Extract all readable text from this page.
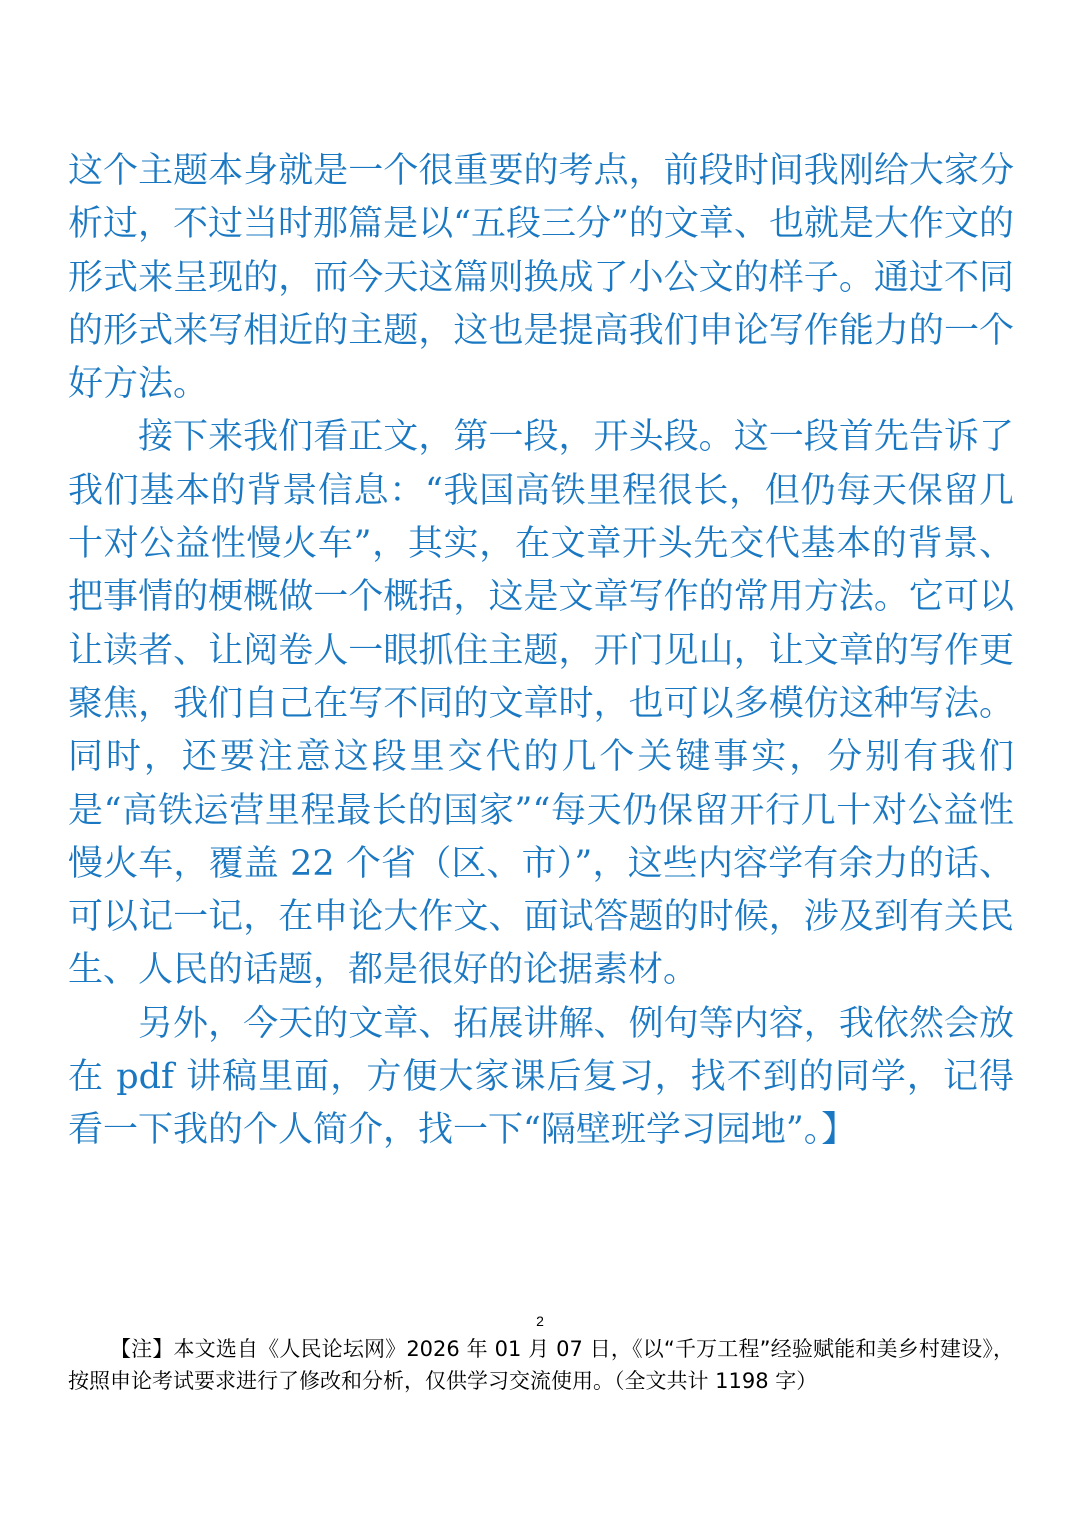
这个主题本身就是一个很重要的考点，前段时间我刚给大家分析过，不过当时那篇是以“五段三分”的文章、也就是大作文的形式来呈现的，而今天这篇则换成了小公文的样子。通过不同的形式来写相近的主题，这也是提高我们申论写作能力的一个好方法。

接下来我们看正文，第一段，开头段。这一段首先告诉了我们基本的背景信息：“我国高铁里程很长，但仍每天保留几十对公益性慢火车”，其实，在文章开头先交代基本的背景、把事情的梗概做一个概括，这是文章写作的常用方法。它可以让读者、让阅卷人一眼抓住主题，开门见山，让文章的写作更聚焦，我们自己在写不同的文章时，也可以多模仿这种写法。同时，还要注意这段里交代的几个关键事实，分别有我们是“高铁运营里程最长的国家”“每天仍保留开行几十对公益性慢火车，覆盖 22 个省（区、市）”，这些内容学有余力的话、可以记一记，在申论大作文、面试答题的时候，涉及到有关民生、人民的话题，都是很好的论据素材。

另外，今天的文章、拓展讲解、例句等内容，我依然会放在 pdf 讲稿里面，方便大家课后复习，找不到的同学，记得看一下我的个人简介，找一下“隔壁班学习园地”。】

2
【注】本文选自《人民论坛网》2026 年 01 月 07 日，《以“千万工程”经验赋能和美乡村建设》，按照申论考试要求进行了修改和分析，仅供学习交流使用。（全文共计 1198 字）
